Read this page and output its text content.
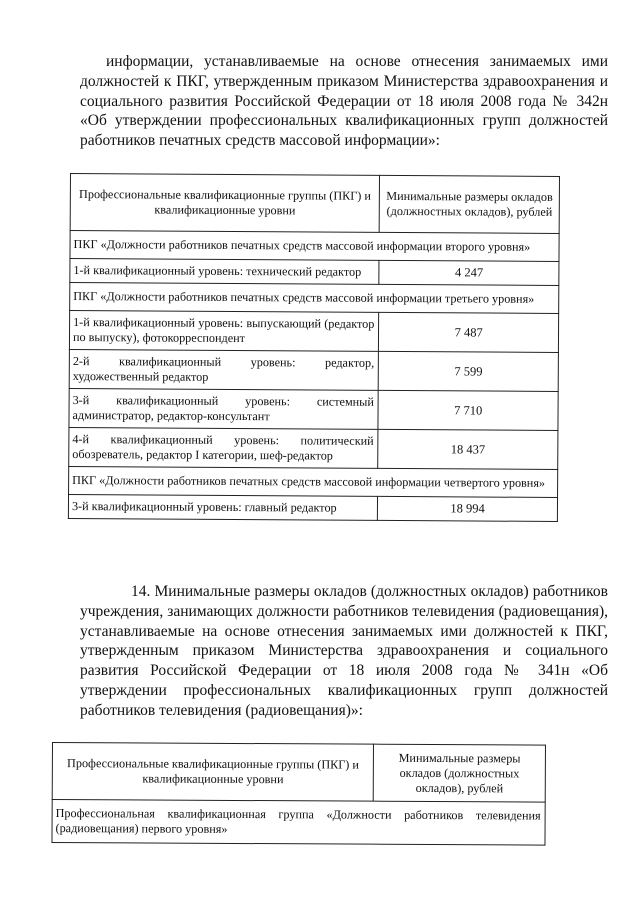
информации, устанавливаемые на основе отнесения занимаемых ими должностей к ПКГ, утвержденным приказом Министерства здравоохранения и социального развития Российской Федерации от 18 июля 2008 года № 342н «Об утверждении профессиональных квалификационных групп должностей работников печатных средств массовой информации»:

Профессиональные квалификационные группы (ПКГ) и квалификационные уровни	Минимальные размеры окладов (должностных окладов), рублей
ПКГ «Должности работников печатных средств массовой информации второго уровня»	
1-й квалификационный уровень: технический редактор	4 247
ПКГ «Должности работников печатных средств массовой информации третьего уровня»	
1-й квалификационный уровень: выпускающий (редактор по выпуску), фотокорреспондент	7 487
2-й квалификационный уровень: редактор, художественный редактор	7 599
3-й квалификационный уровень: системный администратор, редактор-консультант	7 710
4-й квалификационный уровень: политический обозреватель, редактор I категории, шеф-редактор	18 437
ПКГ «Должности работников печатных средств массовой информации четвертого уровня»	
3-й квалификационный уровень: главный редактор	18 994

14. Минимальные размеры окладов (должностных окладов) работников учреждения, занимающих должности работников телевидения (радиовещания), устанавливаемые на основе отнесения занимаемых ими должностей к ПКГ, утвержденным приказом Министерства здравоохранения и социального развития Российской Федерации от 18 июля 2008 года № 341н «Об утверждении профессиональных квалификационных групп должностей работников телевидения (радиовещания)»:

Профессиональные квалификационные группы (ПКГ) и квалификационные уровни	Минимальные размеры окладов (должностных окладов), рублей
Профессиональная квалификационная группа «Должности работников телевидения (радиовещания) первого уровня»
